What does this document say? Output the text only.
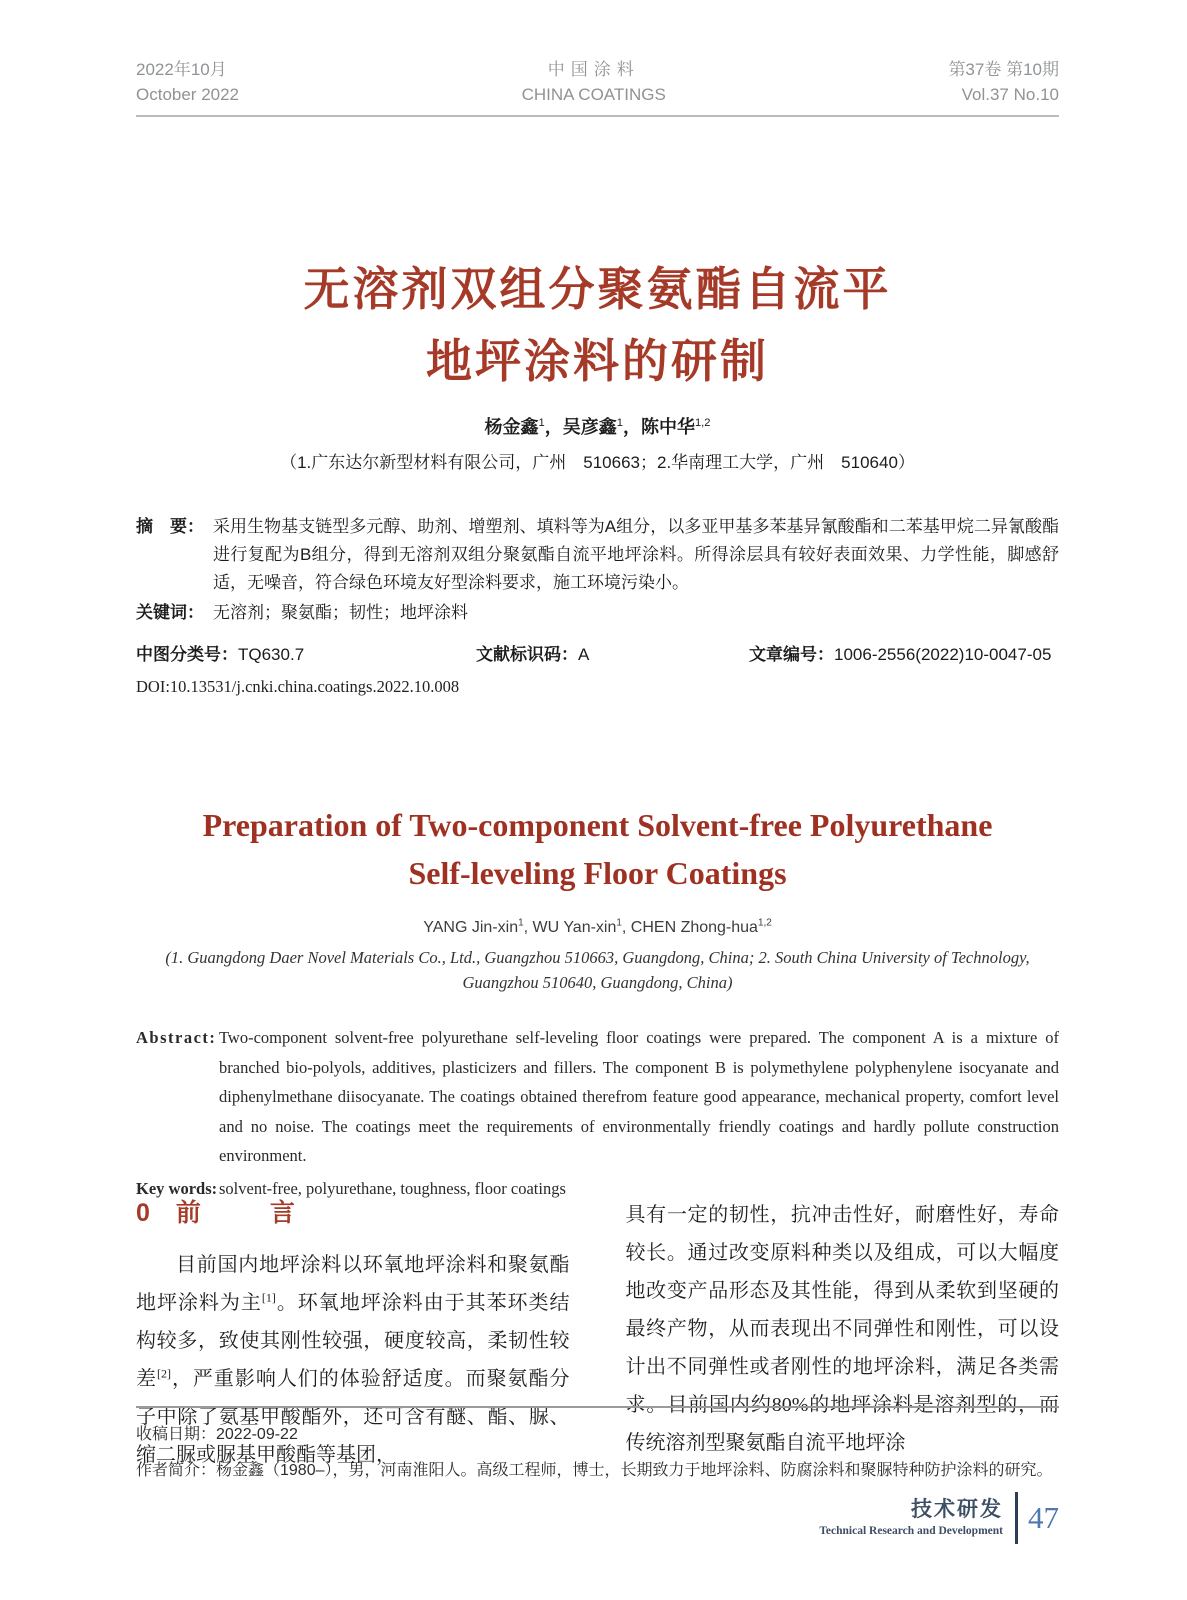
2022年10月
October 2022
中国涂料
CHINA COATINGS
第37卷 第10期
Vol.37 No.10
无溶剂双组分聚氨酯自流平
地坪涂料的研制
杨金鑫$^1$，吴彦鑫$^1$，陈中华$^{1,2}$
（1.广东达尔新型材料有限公司，广州　510663；2.华南理工大学，广州　510640）
摘　要： 采用生物基支链型多元醇、助剂、增塑剂、填料等为A组分，以多亚甲基多苯基异氰酸酯和二苯基甲烷二异氰酸酯进行复配为B组分，得到无溶剂双组分聚氨酯自流平地坪涂料。所得涂层具有较好表面效果、力学性能，脚感舒适，无噪音，符合绿色环境友好型涂料要求，施工环境污染小。
关键词： 无溶剂；聚氨酯；韧性；地坪涂料
中图分类号：TQ630.7	文献标识码：A	文章编号：1006-2556(2022)10-0047-05
DOI:10.13531/j.cnki.china.coatings.2022.10.008
Preparation of Two-component Solvent-free Polyurethane
Self-leveling Floor Coatings
YANG Jin-xin$^1$, WU Yan-xin$^1$, CHEN Zhong-hua$^{1,2}$
(1. Guangdong Daer Novel Materials Co., Ltd., Guangzhou 510663, Guangdong, China; 2. South China University of Technology,
Guangzhou 510640, Guangdong, China)
Abstract: Two-component solvent-free polyurethane self-leveling floor coatings were prepared. The component A is a mixture of branched bio-polyols, additives, plasticizers and fillers. The component B is polymethylene polyphenylene isocyanate and diphenylmethane diisocyanate. The coatings obtained therefrom feature good appearance, mechanical property, comfort level and no noise. The coatings meet the requirements of environmentally friendly coatings and hardly pollute construction environment.
Key words: solvent-free, polyurethane, toughness, floor coatings
0 前　言
目前国内地坪涂料以环氧地坪涂料和聚氨酯地坪涂料为主[1]。环氧地坪涂料由于其苯环类结构较多，致使其刚性较强，硬度较高，柔韧性较差[2]，严重影响人们的体验舒适度。而聚氨酯分子中除了氨基甲酸酯外，还可含有醚、酯、脲、缩二脲或脲基甲酸酯等基团，
具有一定的韧性，抗冲击性好，耐磨性好，寿命较长。通过改变原料种类以及组成，可以大幅度地改变产品形态及其性能，得到从柔软到坚硬的最终产物，从而表现出不同弹性和刚性，可以设计出不同弹性或者刚性的地坪涂料，满足各类需求。目前国内约80%的地坪涂料是溶剂型的，而传统溶剂型聚氨酯自流平地坪涂
收稿日期：2022-09-22
作者简介：杨金鑫（1980–），男，河南淮阳人。高级工程师，博士，长期致力于地坪涂料、防腐涂料和聚脲特种防护涂料的研究。
技术研发
Technical Research and Development 47
